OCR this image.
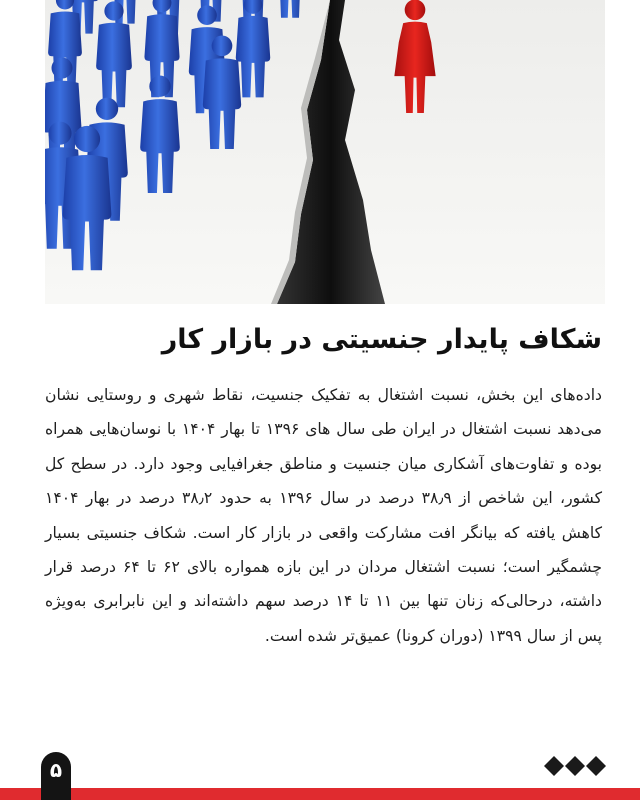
شکاف پایدار جنسیتی در بازار کار
داده‌های این بخش، نسبت اشتغال به تفکیک جنسیت، نقاط شهری و روستایی نشان می‌دهد نسبت اشتغال در ایران طی سال های ۱۳۹۶ تا بهار ۱۴۰۴ با نوسان‌هایی همراه بوده و تفاوت‌های آشکاری میان جنسیت و مناطق جغرافیایی وجود دارد. در سطح کل کشور، این شاخص از ۳۸٫۹ درصد در سال ۱۳۹۶ به حدود ۳۸٫۲ درصد در بهار ۱۴۰۴ کاهش یافته که بیانگر افت مشارکت واقعی در بازار کار است. شکاف جنسیتی بسیار چشمگیر است؛ نسبت اشتغال مردان در این بازه همواره بالای ۶۲ تا ۶۴ درصد قرار داشته، درحالی‌که زنان تنها بین ۱۱ تا ۱۴ درصد سهم داشته‌اند و این نابرابری به‌ویژه پس از سال ۱۳۹۹ (دوران کرونا) عمیق‌تر شده است.
۵
